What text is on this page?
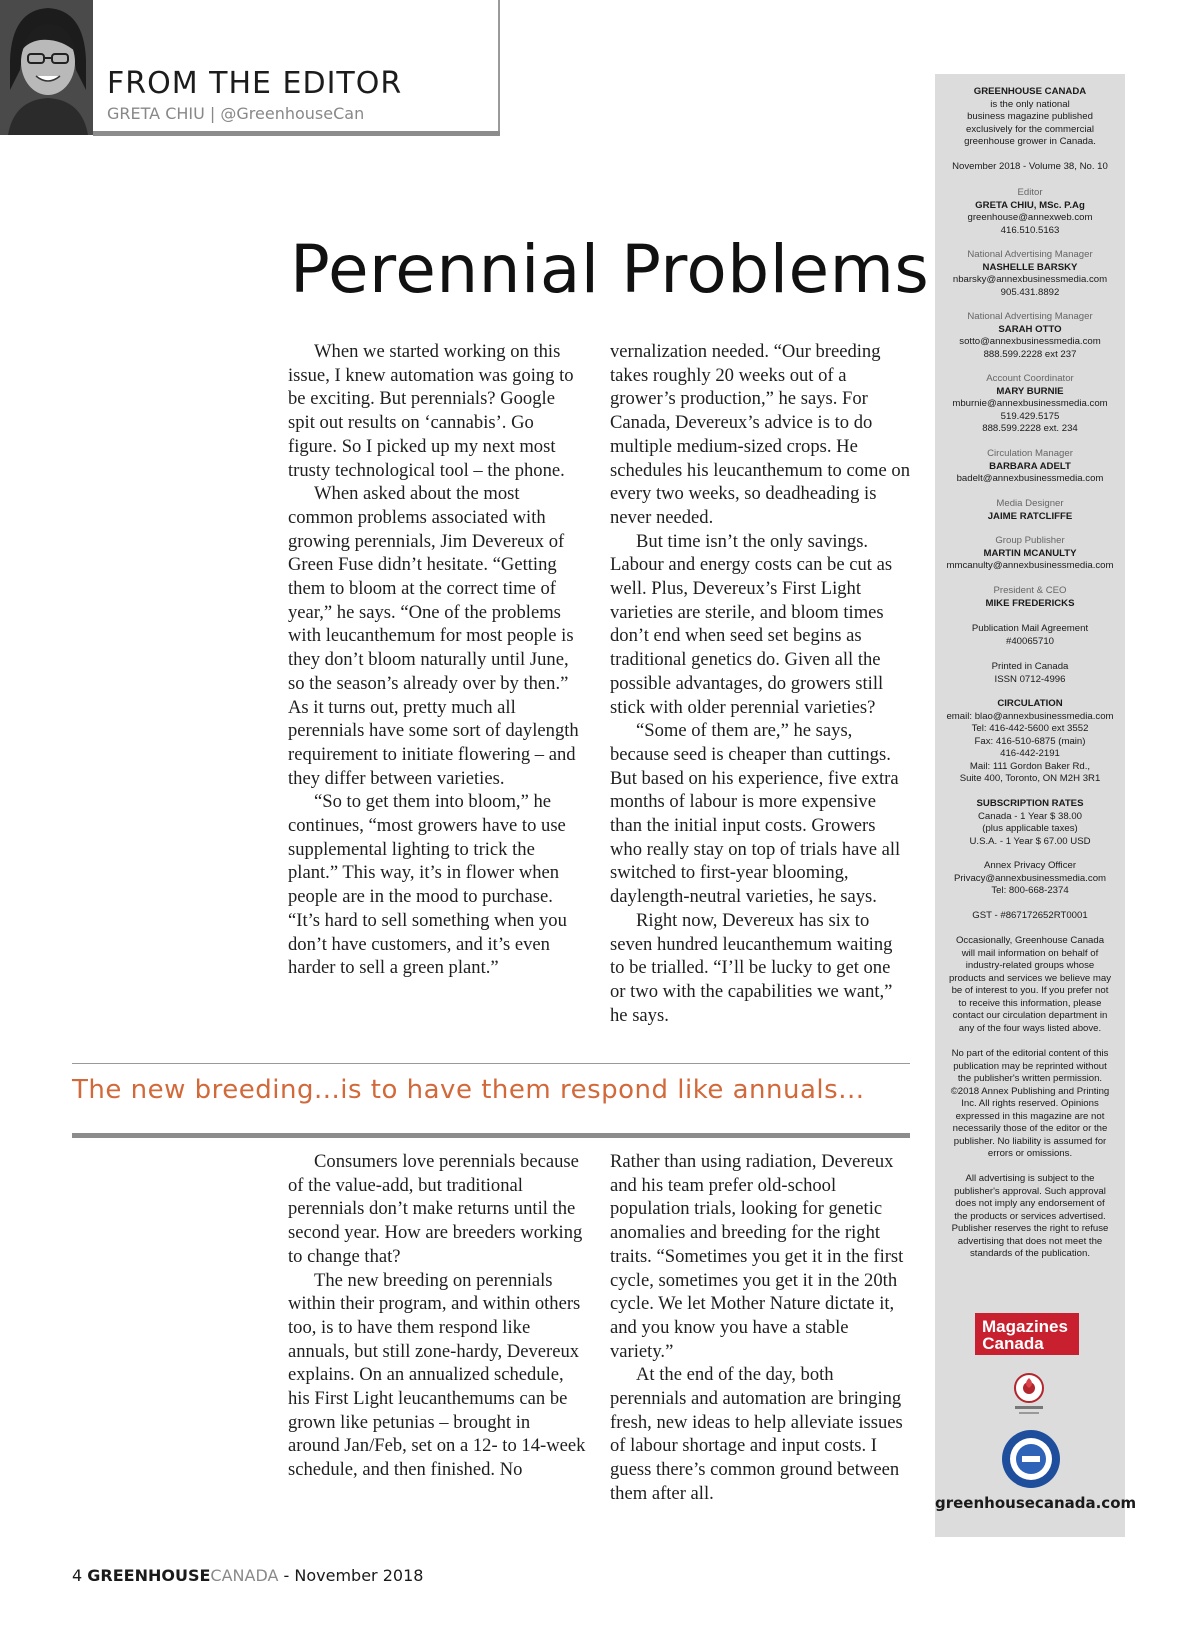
FROM THE EDITOR
GRETA CHIU | @GreenhouseCan
Perennial Problems

When we started working on this issue, I knew automation was going to be exciting. But perennials? Google spit out results on ‘cannabis’. Go figure. So I picked up my next most trusty technological tool – the phone.

When asked about the most common problems associated with growing perennials, Jim Devereux of Green Fuse didn’t hesitate. “Getting them to bloom at the correct time of year,” he says. “One of the problems with leucanthemum for most people is they don’t bloom naturally until June, so the season’s already over by then.” As it turns out, pretty much all perennials have some sort of daylength requirement to initiate flowering – and they differ between varieties.

“So to get them into bloom,” he continues, “most growers have to use supplemental lighting to trick the plant.” This way, it’s in flower when people are in the mood to purchase. “It’s hard to sell something when you don’t have customers, and it’s even harder to sell a green plant.”

vernalization needed. “Our breeding takes roughly 20 weeks out of a grower’s production,” he says. For Canada, Devereux’s advice is to do multiple medium-sized crops. He schedules his leucanthemum to come on every two weeks, so deadheading is never needed.

But time isn’t the only savings. Labour and energy costs can be cut as well. Plus, Devereux’s First Light varieties are sterile, and bloom times don’t end when seed set begins as traditional genetics do. Given all the possible advantages, do growers still stick with older perennial varieties?

“Some of them are,” he says, because seed is cheaper than cuttings. But based on his experience, five extra months of labour is more expensive than the initial input costs. Growers who really stay on top of trials have all switched to first-year blooming, daylength-neutral varieties, he says.

Right now, Devereux has six to seven hundred leucanthemum waiting to be trialled. “I’ll be lucky to get one or two with the capabilities we want,” he says.

The new breeding...is to have them respond like annuals...

Consumers love perennials because of the value-add, but traditional perennials don’t make returns until the second year. How are breeders working to change that?

The new breeding on perennials within their program, and within others too, is to have them respond like annuals, but still zone-hardy, Devereux explains. On an annualized schedule, his First Light leucanthemums can be grown like petunias – brought in around Jan/Feb, set on a 12- to 14-week schedule, and then finished. No

Rather than using radiation, Devereux and his team prefer old-school population trials, looking for genetic anomalies and breeding for the right traits. “Sometimes you get it in the first cycle, sometimes you get it in the 20th cycle. We let Mother Nature dictate it, and you know you have a stable variety.”

At the end of the day, both perennials and automation are bringing fresh, new ideas to help alleviate issues of labour shortage and input costs. I guess there’s common ground between them after all.

GREENHOUSE CANADA
is the only national
business magazine published
exclusively for the commercial
greenhouse grower in Canada.
November 2018 - Volume 38, No. 10
Editor
GRETA CHIU, MSc. P.Ag
greenhouse@annexweb.com
416.510.5163
National Advertising Manager
NASHELLE BARSKY
nbarsky@annexbusinessmedia.com
905.431.8892
National Advertising Manager
SARAH OTTO
sotto@annexbusinessmedia.com
888.599.2228 ext 237
Account Coordinator
MARY BURNIE
mburnie@annexbusinessmedia.com
519.429.5175
888.599.2228 ext. 234
Circulation Manager
BARBARA ADELT
badelt@annexbusinessmedia.com
Media Designer
JAIME RATCLIFFE
Group Publisher
MARTIN MCANULTY
mmcanulty@annexbusinessmedia.com
President & CEO
MIKE FREDERICKS
Publication Mail Agreement
#40065710
Printed in Canada
ISSN 0712-4996
CIRCULATION
email: blao@annexbusinessmedia.com
Tel: 416-442-5600 ext 3552
Fax: 416-510-6875 (main)
416-442-2191
Mail: 111 Gordon Baker Rd.,
Suite 400, Toronto, ON M2H 3R1
SUBSCRIPTION RATES
Canada - 1 Year $ 38.00
(plus applicable taxes)
U.S.A. - 1 Year $ 67.00 USD
Annex Privacy Officer
Privacy@annexbusinessmedia.com
Tel: 800-668-2374
GST - #867172652RT0001
Occasionally, Greenhouse Canada
will mail information on behalf of
industry-related groups whose
products and services we believe may
be of interest to you. If you prefer not
to receive this information, please
contact our circulation department in
any of the four ways listed above.
No part of the editorial content of this
publication may be reprinted without
the publisher's written permission.
©2018 Annex Publishing and Printing
Inc. All rights reserved. Opinions
expressed in this magazine are not
necessarily those of the editor or the
publisher. No liability is assumed for
errors or omissions.
All advertising is subject to the
publisher's approval. Such approval
does not imply any endorsement of
the products or services advertised.
Publisher reserves the right to refuse
advertising that does not meet the
standards of the publication.
greenhousecanada.com
Magazines
Canada
4 GREENHOUSECANADA - November 2018
